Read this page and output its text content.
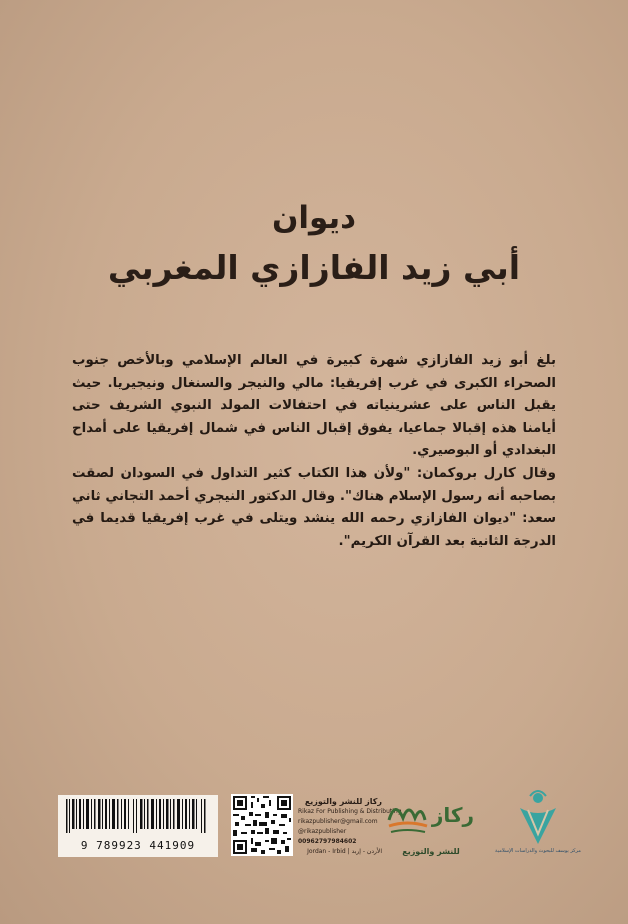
ديوان
أبي زيد الفازازي المغربي

بلغ أبو زيد الفازازي شهرة كبيرة في العالم الإسلامي وبالأخص جنوب الصحراء الكبرى في غرب إفريقيا: مالي والنيجر والسنغال ونيجيريا. حيث يقبل الناس على عشرينياته في احتفالات المولد النبوي الشريف حتى أيامنا هذه إقبالا جماعيا، يفوق إقبال الناس في شمال إفريقيا على أمداح البغدادي أو البوصيري.

وقال كارل بروكمان: "ولأن هذا الكتاب كثير التداول في السودان لصقت بصاحبه أنه رسول الإسلام هناك". وقال الدكتور النيجري أحمد التجاني ثاني سعد: "ديوان الفازازي رحمه الله ينشد ويتلى في غرب إفريقيا قديما في الدرجة الثانية بعد القرآن الكريم".

9 789923 441909
ركاز للنشر والتوزيع
Rikaz For Publishing & Distributing
rikazpublisher@gmail.com
@rikazpublisher
00962797984602
الأردن - إربد | Jordan - Irbid
ركاز
للنشر والتوزيع	مركز يوسف للبحوث والدراسات الإسلامية
